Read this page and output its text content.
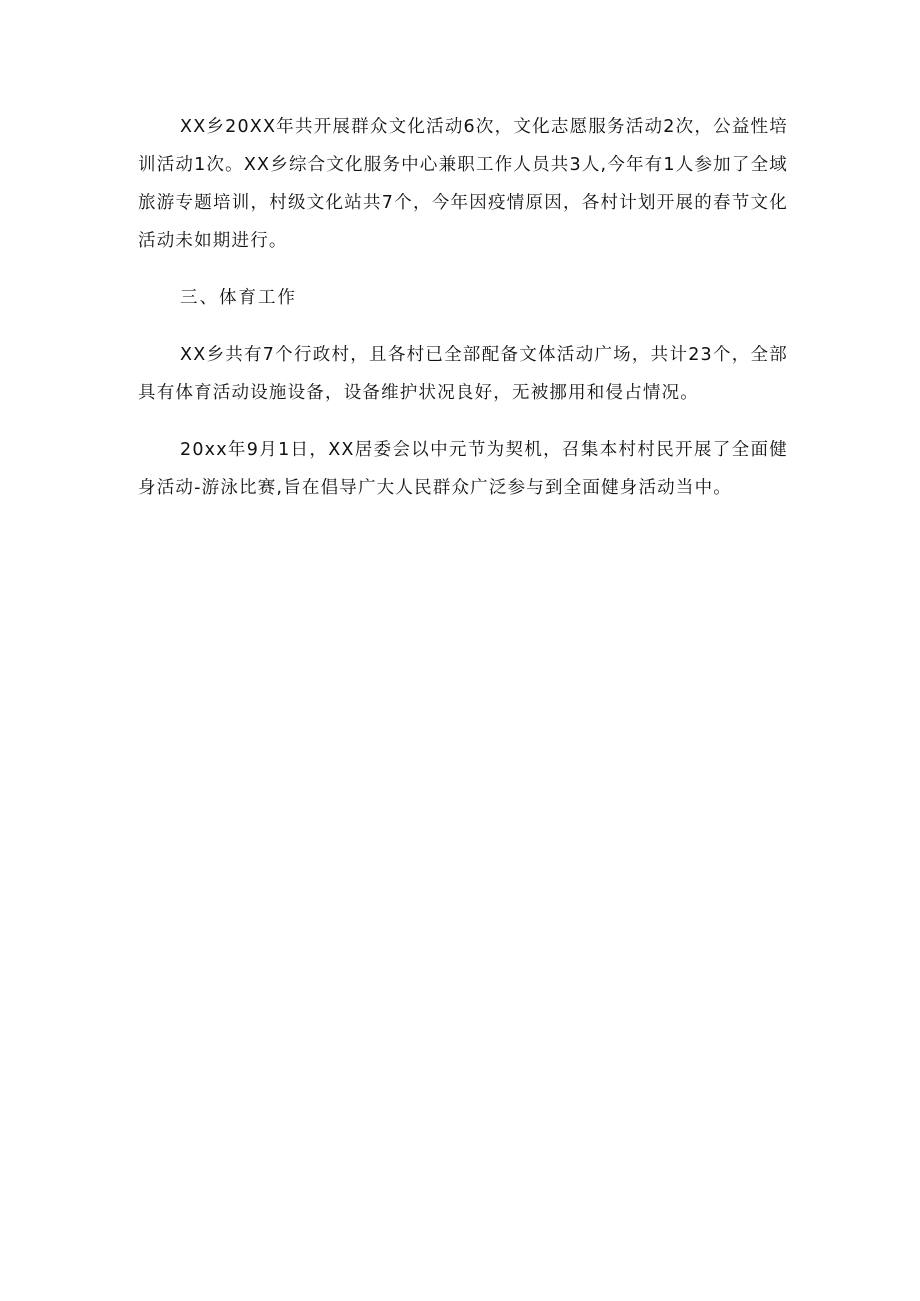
XX乡20XX年共开展群众文化活动6次，文化志愿服务活动2次，公益性培训活动1次。XX乡综合文化服务中心兼职工作人员共3人,今年有1人参加了全域旅游专题培训，村级文化站共7个，今年因疫情原因，各村计划开展的春节文化活动未如期进行。

三、体育工作

XX乡共有7个行政村，且各村已全部配备文体活动广场，共计23个，全部具有体育活动设施设备，设备维护状况良好，无被挪用和侵占情况。

20xx年9月1日，XX居委会以中元节为契机，召集本村村民开展了全面健身活动-游泳比赛,旨在倡导广大人民群众广泛参与到全面健身活动当中。
